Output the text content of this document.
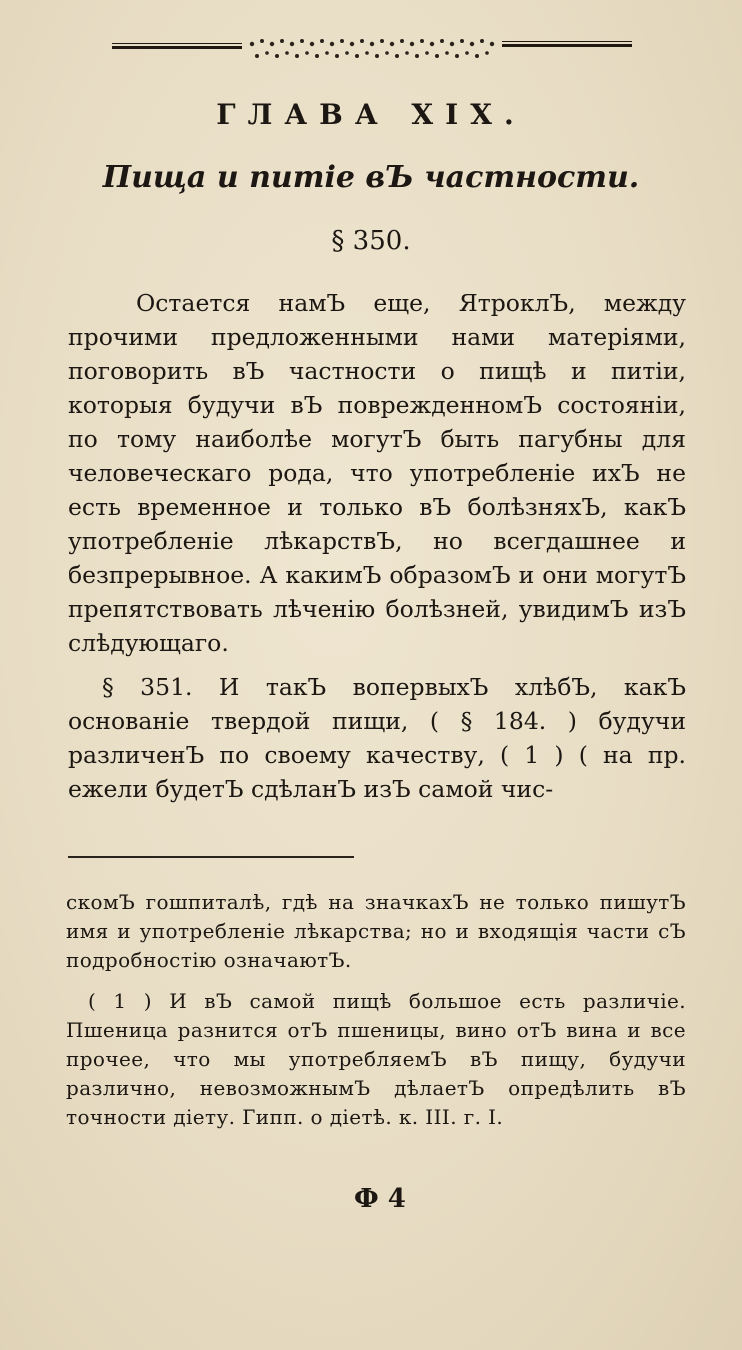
ГЛАВА XIX.
Пища и питіе вЪ частности.
§ 350.

Остается намЪ еще, ЯтроклЪ, между прочими предложенными нами матеріями, поговорить вЪ частности о пищѣ и питіи, которыя будучи вЪ поврежденномЪ состояніи, по тому наиболѣе могутЪ быть пагубны для человеческаго рода, что употребленіе ихЪ не есть временное и только вЪ болѣзняхЪ, какЪ употребленіе лѣкарствЪ, но всегдашнее и безпрерывное. А какимЪ образомЪ и они могутЪ препятствовать лѣченію болѣзней, увидимЪ изЪ слѣдующаго.

§ 351. И такЪ вопервыхЪ хлѣбЪ, какЪ основаніе твердой пищи, ( § 184. ) будучи различенЪ по своему качеству, ( 1 ) ( на пр. ежели будетЪ сдѣланЪ изЪ самой чис-

скомЪ гошпиталѣ, гдѣ на значкахЪ не только пишутЪ имя и употребленіе лѣкарства; но и входящія части сЪ подробностію означаютЪ.

( 1 ) И вЪ самой пищѣ большое есть различіе. Пшеница разнится отЪ пшеницы, вино отЪ вина и все прочее, что мы употребляемЪ вЪ пищу, будучи различно, невозможнымЪ дѣлаетЪ опредѣлить вЪ точности діету. Гипп. о діетѣ. к. III. г. I.

Ф 4
